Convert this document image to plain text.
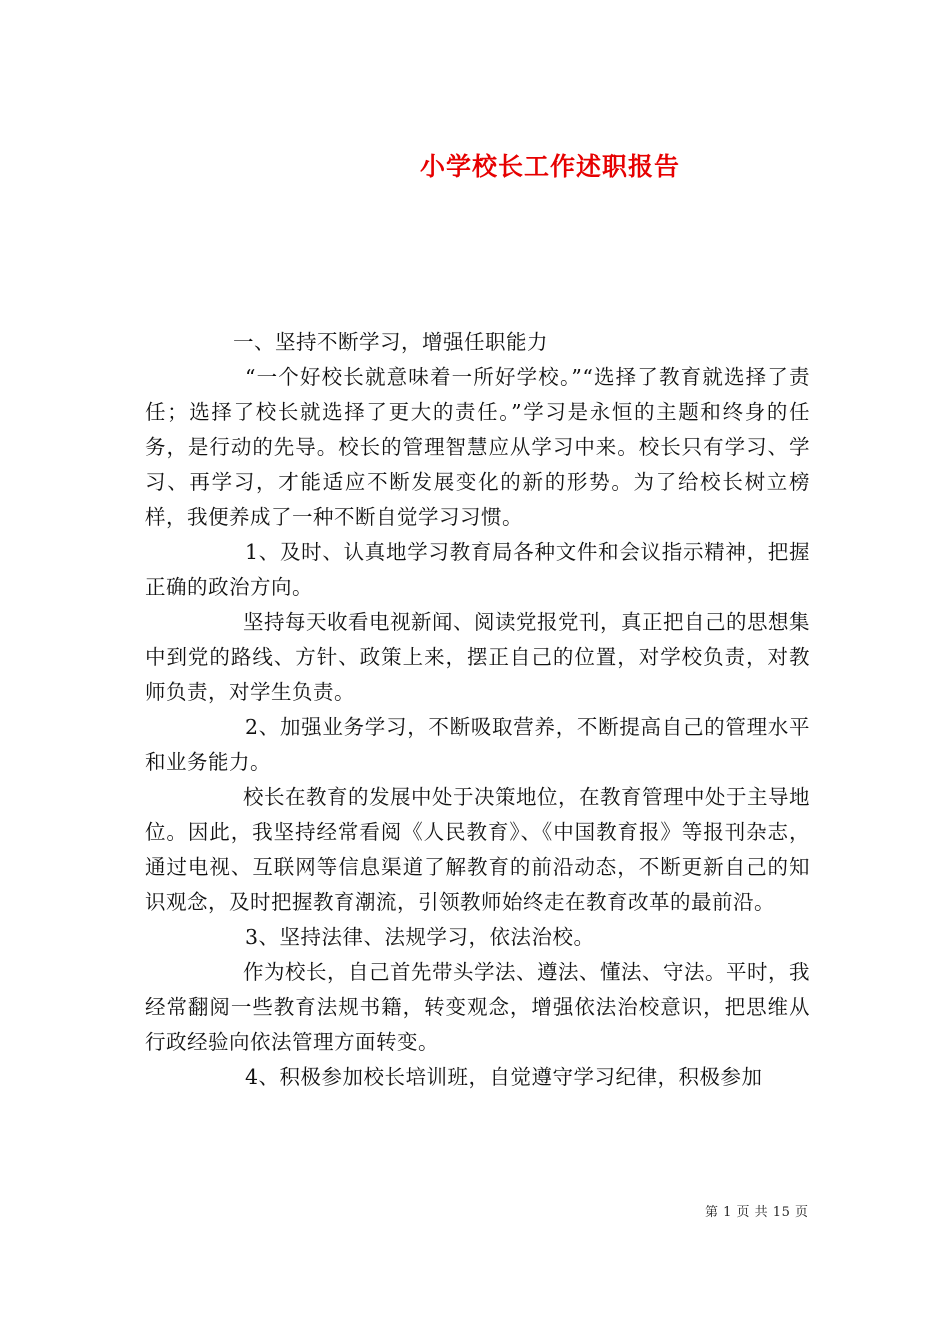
小学校长工作述职报告

一、坚持不断学习，增强任职能力

“一个好校长就意味着一所好学校。”“选择了教育就选择了责任；选择了校长就选择了更大的责任。”学习是永恒的主题和终身的任务，是行动的先导。校长的管理智慧应从学习中来。校长只有学习、学习、再学习，才能适应不断发展变化的新的形势。为了给校长树立榜样，我便养成了一种不断自觉学习习惯。

1、及时、认真地学习教育局各种文件和会议指示精神，把握正确的政治方向。

坚持每天收看电视新闻、阅读党报党刊，真正把自己的思想集中到党的路线、方针、政策上来，摆正自己的位置，对学校负责，对教师负责，对学生负责。

2、加强业务学习，不断吸取营养，不断提高自己的管理水平和业务能力。

校长在教育的发展中处于决策地位，在教育管理中处于主导地位。因此，我坚持经常看阅《人民教育》、《中国教育报》等报刊杂志，通过电视、互联网等信息渠道了解教育的前沿动态，不断更新自己的知识观念，及时把握教育潮流，引领教师始终走在教育改革的最前沿。

3、坚持法律、法规学习，依法治校。

作为校长，自己首先带头学法、遵法、懂法、守法。平时，我经常翻阅一些教育法规书籍，转变观念，增强依法治校意识，把思维从行政经验向依法管理方面转变。

4、积极参加校长培训班，自觉遵守学习纪律，积极参加

第 1 页 共 15 页
